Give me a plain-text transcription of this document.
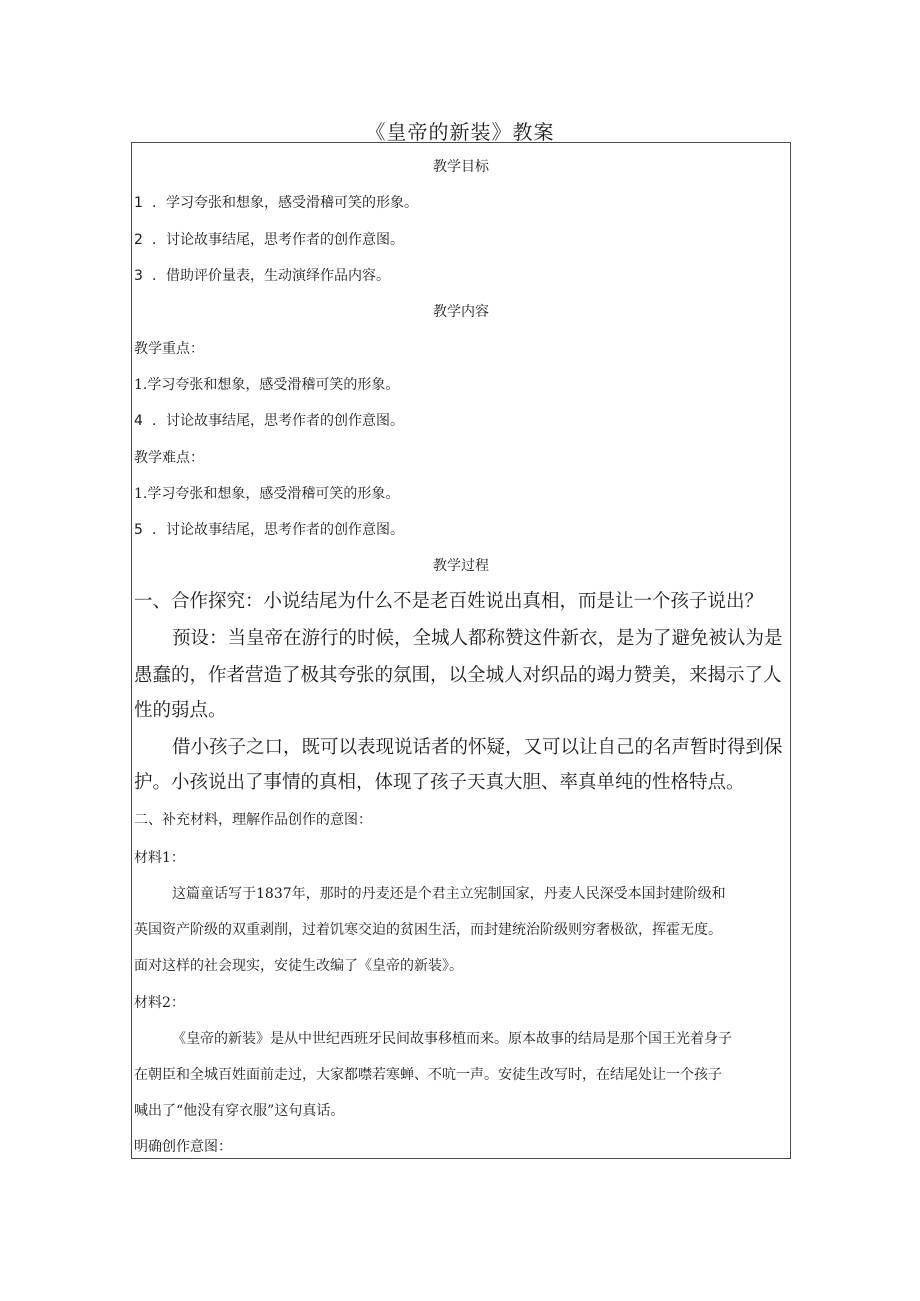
《皇帝的新装》教案
教学目标
1 ．学习夸张和想象，感受滑稽可笑的形象。
2 ．讨论故事结尾，思考作者的创作意图。
3 ．借助评价量表，生动演绎作品内容。
教学内容
教学重点：
1.学习夸张和想象，感受滑稽可笑的形象。
4 ．讨论故事结尾，思考作者的创作意图。
教学难点：
1.学习夸张和想象，感受滑稽可笑的形象。
5 ．讨论故事结尾，思考作者的创作意图。
教学过程
一、合作探究：小说结尾为什么不是老百姓说出真相，而是让一个孩子说出？
预设：当皇帝在游行的时候，全城人都称赞这件新衣，是为了避免被认为是
愚蠢的，作者营造了极其夸张的氛围，以全城人对织品的竭力赞美，来揭示了人
性的弱点。
借小孩子之口，既可以表现说话者的怀疑，又可以让自己的名声暂时得到保
护。小孩说出了事情的真相，体现了孩子天真大胆、率真单纯的性格特点。
二、补充材料，理解作品创作的意图：
材料1：
这篇童话写于1837年，那时的丹麦还是个君主立宪制国家，丹麦人民深受本国封建阶级和
英国资产阶级的双重剥削，过着饥寒交迫的贫困生活，而封建统治阶级则穷奢极欲，挥霍无度。
面对这样的社会现实，安徒生改编了《皇帝的新装》。
材料2：
《皇帝的新装》是从中世纪西班牙民间故事移植而来。原本故事的结局是那个国王光着身子
在朝臣和全城百姓面前走过，大家都噤若寒蝉、不吭一声。安徒生改写时，在结尾处让一个孩子
喊出了“他没有穿衣服”这句真话。
明确创作意图：
